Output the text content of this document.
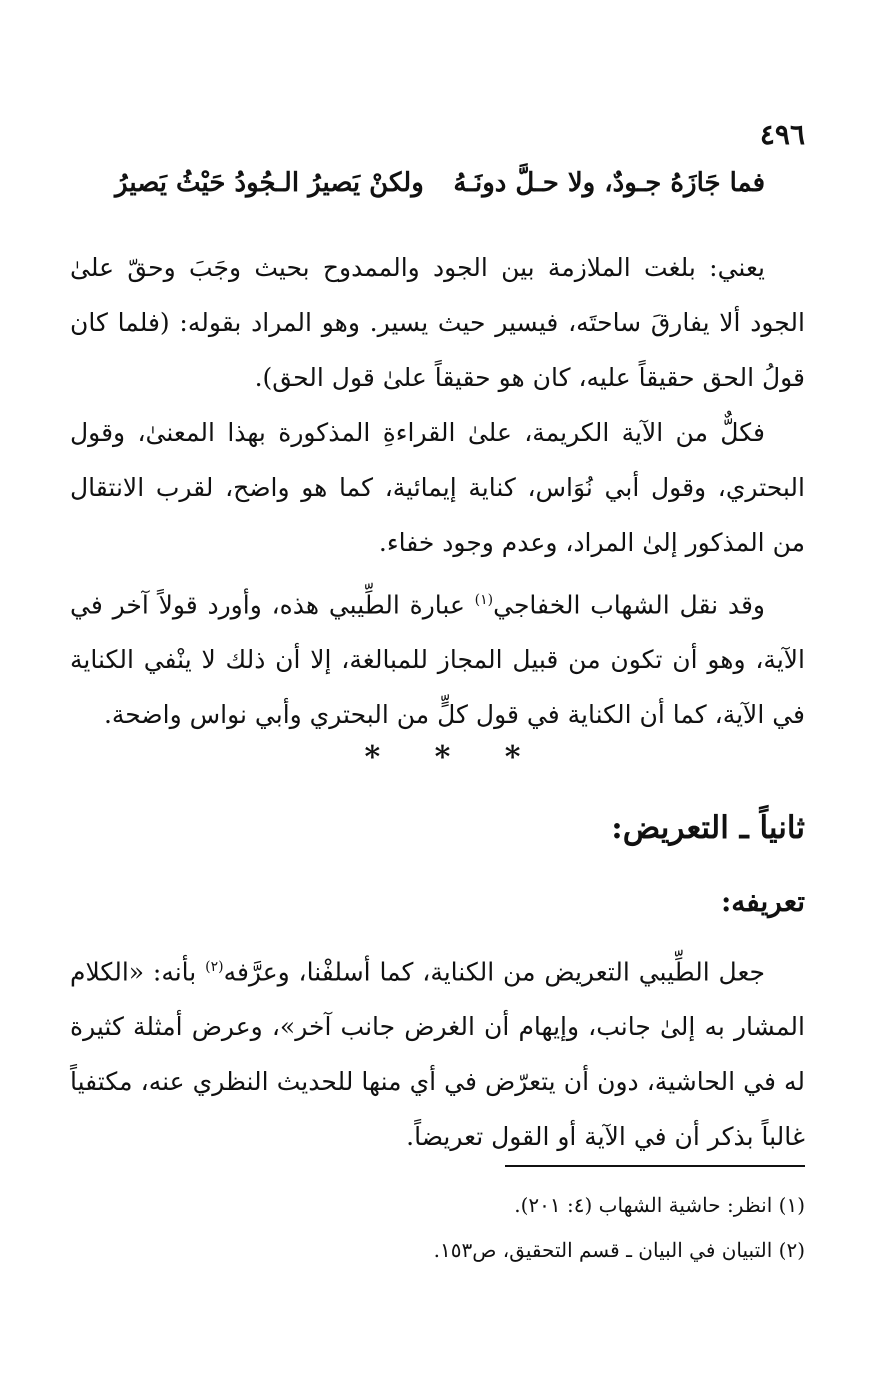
٤٩٦
فما جَازَهُ جـودٌ، ولا حـلَّ دونَـهُ
ولكنْ يَصيرُ الـجُودُ حَيْثُ يَصيرُ

يعني: بلغت الملازمة بين الجود والممدوح بحيث وجَبَ وحقّ علىٰ الجود ألا يفارقَ ساحتَه، فيسير حيث يسير. وهو المراد بقوله: (فلما كان قولُ الحق حقيقاً عليه، كان هو حقيقاً علىٰ قول الحق).

فكلٌّ من الآية الكريمة، علىٰ القراءةِ المذكورة بهذا المعنىٰ، وقول البحتري، وقول أبي نُوَاس، كناية إيمائية، كما هو واضح، لقرب الانتقال من المذكور إلىٰ المراد، وعدم وجود خفاء.

وقد نقل الشهاب الخفاجي$^{(١)}$ عبارة الطِّيبي هذه، وأورد قولاً آخر في الآية، وهو أن تكون من قبيل المجاز للمبالغة، إلا أن ذلك لا ينْفي الكناية في الآية، كما أن الكناية في قول كلٍّ من البحتري وأبي نواس واضحة.

* * *
ثانياً ـ التعريض:
تعريفه:

جعل الطِّيبي التعريض من الكناية، كما أسلفْنا، وعرَّفه$^{(٢)}$ بأنه: «الكلام المشار به إلىٰ جانب، وإيهام أن الغرض جانب آخر»، وعرض أمثلة كثيرة له في الحاشية، دون أن يتعرّض في أي منها للحديث النظري عنه، مكتفياً غالباً بذكر أن في الآية أو القول تعريضاً.

(١) انظر: حاشية الشهاب (٤: ٢٠١).

(٢) التبيان في البيان ـ قسم التحقيق، ص١٥٣.
